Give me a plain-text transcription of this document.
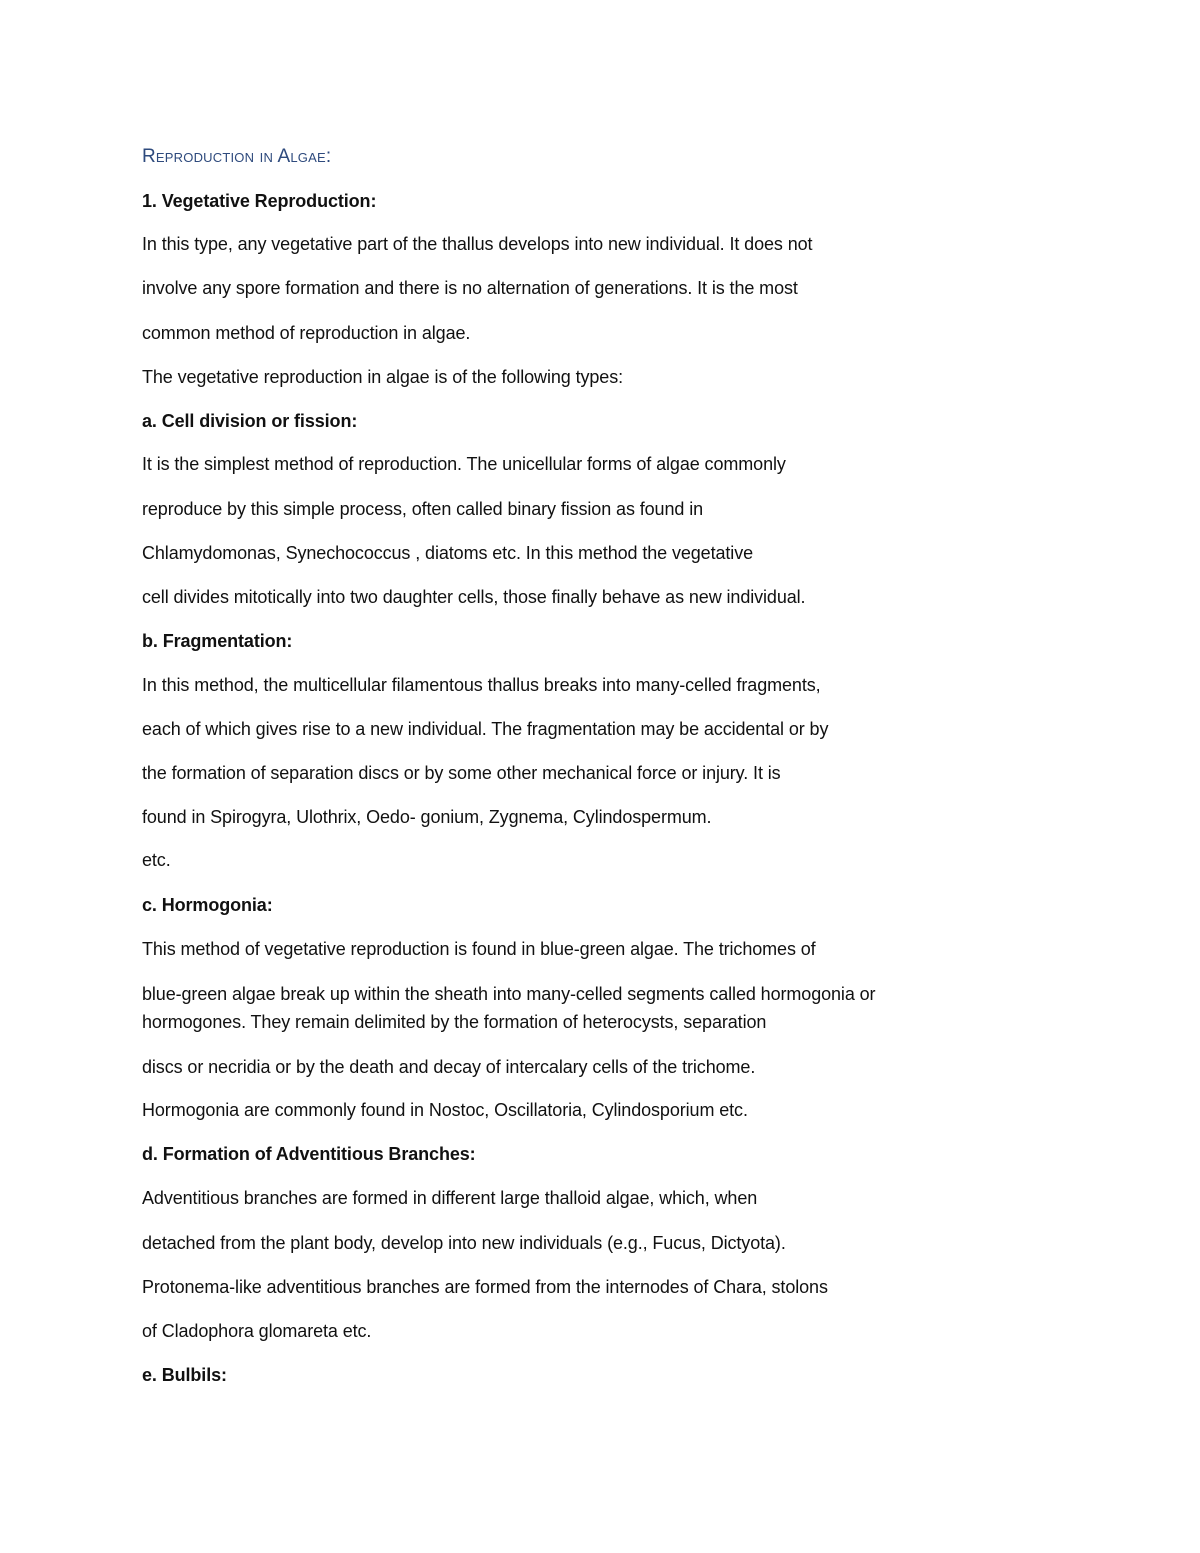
Reproduction in Algae:
1. Vegetative Reproduction:
In this type, any vegetative part of the thallus develops into new individual. It does not
involve any spore formation and there is no alternation of generations. It is the most
common method of reproduction in algae.
The vegetative reproduction in algae is of the following types:
a. Cell division or fission:
It is the simplest method of reproduction. The unicellular forms of algae commonly
reproduce by this simple process, often called binary fission as found in
Chlamydomonas, Synechococcus , diatoms etc. In this method the vegetative
cell divides mitotically into two daughter cells, those finally behave as new individual.
b. Fragmentation:
In this method, the multicellular filamentous thallus breaks into many-celled fragments,
each of which gives rise to a new individual. The fragmentation may be accidental or by
the formation of separation discs or by some other mechanical force or injury. It is
found in Spirogyra, Ulothrix, Oedo- gonium, Zygnema, Cylindospermum.
etc.
c. Hormogonia:
This method of vegetative reproduction is found in blue-green algae. The trichomes of
blue-green algae break up within the sheath into many-celled segments called hormogonia or
hormogones. They remain delimited by the formation of heterocysts, separation
discs or necridia or by the death and decay of intercalary cells of the trichome.
Hormogonia are commonly found in Nostoc, Oscillatoria, Cylindosporium etc.
d. Formation of Adventitious Branches:
Adventitious branches are formed in different large thalloid algae, which, when
detached from the plant body, develop into new individuals (e.g., Fucus, Dictyota).
Protonema-like adventitious branches are formed from the internodes of Chara, stolons
of Cladophora glomareta etc.
e. Bulbils:
